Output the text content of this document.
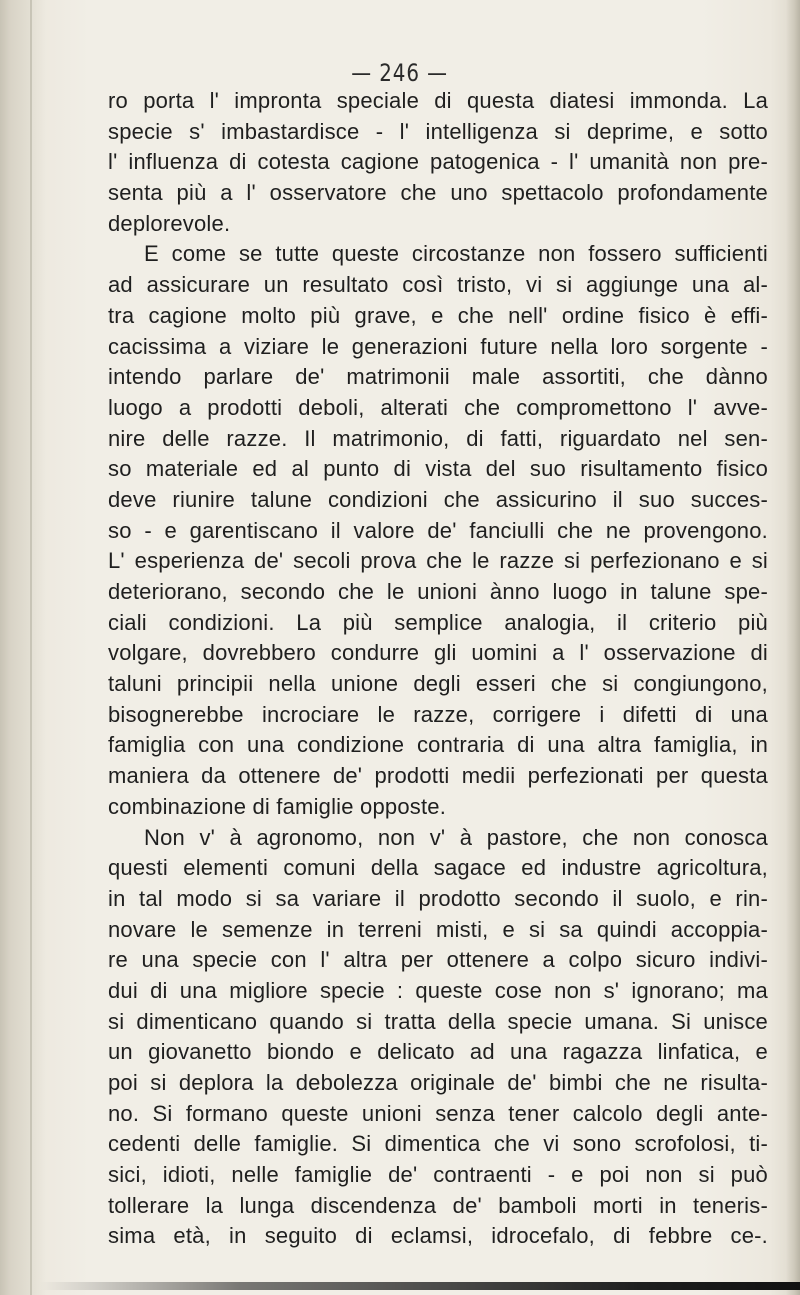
— 246 —
ro porta l' impronta speciale di questa diatesi immonda. La
specie s' imbastardisce - l' intelligenza si deprime, e sotto
l' influenza di cotesta cagione patogenica - l' umanità non pre-
senta più a l' osservatore che uno spettacolo profondamente
deplorevole.
E come se tutte queste circostanze non fossero sufficienti
ad assicurare un resultato così tristo, vi si aggiunge una al-
tra cagione molto più grave, e che nell' ordine fisico è effi-
cacissima a viziare le generazioni future nella loro sorgente -
intendo parlare de' matrimonii male assortiti, che dànno
luogo a prodotti deboli, alterati che compromettono l' avve-
nire delle razze. Il matrimonio, di fatti, riguardato nel sen-
so materiale ed al punto di vista del suo risultamento fisico
deve riunire talune condizioni che assicurino il suo succes-
so - e garentiscano il valore de' fanciulli che ne provengono.
L' esperienza de' secoli prova che le razze si perfezionano e si
deteriorano, secondo che le unioni ànno luogo in talune spe-
ciali condizioni. La più semplice analogia, il criterio più
volgare, dovrebbero condurre gli uomini a l' osservazione di
taluni principii nella unione degli esseri che si congiungono,
bisognerebbe incrociare le razze, corrigere i difetti di una
famiglia con una condizione contraria di una altra famiglia, in
maniera da ottenere de' prodotti medii perfezionati per questa
combinazione di famiglie opposte.
Non v' à agronomo, non v' à pastore, che non conosca
questi elementi comuni della sagace ed industre agricoltura,
in tal modo si sa variare il prodotto secondo il suolo, e rin-
novare le semenze in terreni misti, e si sa quindi accoppia-
re una specie con l' altra per ottenere a colpo sicuro indivi-
dui di una migliore specie : queste cose non s' ignorano; ma
si dimenticano quando si tratta della specie umana. Si unisce
un giovanetto biondo e delicato ad una ragazza linfatica, e
poi si deplora la debolezza originale de' bimbi che ne risulta-
no. Si formano queste unioni senza tener calcolo degli ante-
cedenti delle famiglie. Si dimentica che vi sono scrofolosi, ti-
sici, idioti, nelle famiglie de' contraenti - e poi non si può
tollerare la lunga discendenza de' bamboli morti in teneris-
sima età, in seguito di eclamsi, idrocefalo, di febbre ce-.
